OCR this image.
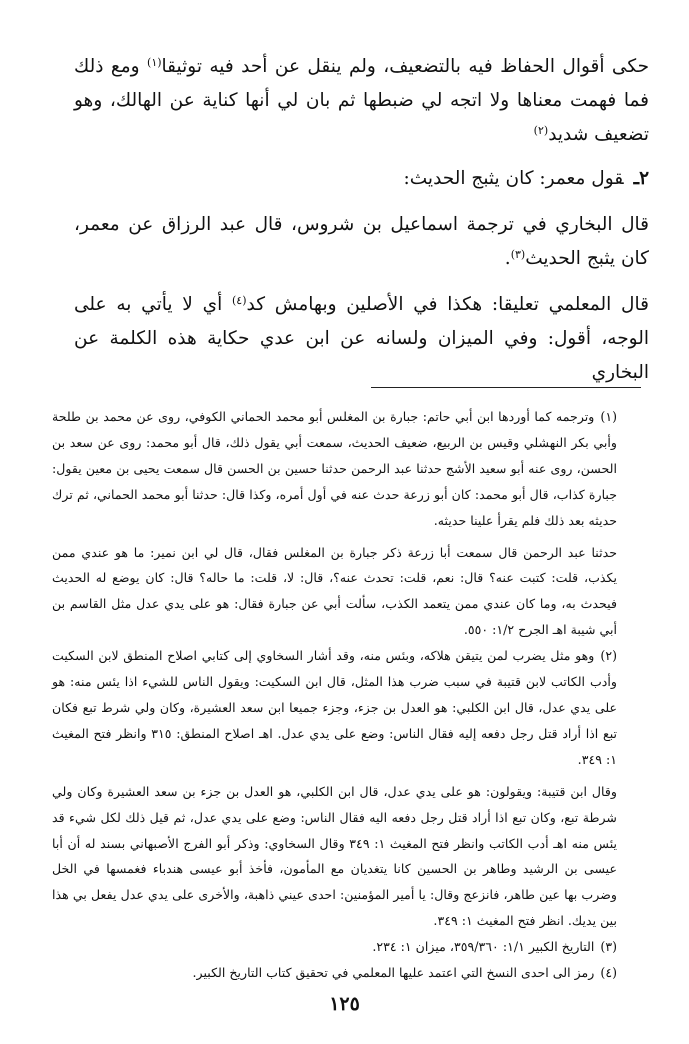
حكى أقوال الحفاظ فيه بالتضعيف، ولم ينقل عن أحد فيه توثيقا$^{(١)}$ ومع ذلك فما فهمت معناها ولا اتجه لي ضبطها ثم بان لي أنها كناية عن الهالك، وهو تضعيف شديد$^{(٢)}$

٢ـقول معمر: كان يثبج الحديث:

قال البخاري في ترجمة اسماعيل بن شروس، قال عبد الرزاق عن معمر، كان يثبج الحديث$^{(٣)}$.

قال المعلمي تعليقا: هكذا في الأصلين وبهامش كد$^{(٤)}$ أي لا يأتي به على الوجه، أقول: وفي الميزان ولسانه عن ابن عدي حكاية هذه الكلمة عن البخاري

(١)وترجمه كما أوردها ابن أبي حاتم: جبارة بن المغلس أبو محمد الحماني الكوفي، روى عن محمد بن طلحة وأبي بكر النهشلي وقيس بن الربيع، ضعيف الحديث، سمعت أبي يقول ذلك، قال أبو محمد: روى عن سعد بن الحسن، روى عنه أبو سعيد الأشج حدثنا عبد الرحمن حدثنا حسين بن الحسن قال سمعت يحيى بن معين يقول: جبارة كذاب، قال أبو محمد: كان أبو زرعة حدث عنه في أول أمره، وكذا قال: حدثنا أبو محمد الحماني، ثم ترك حديثه بعد ذلك فلم يقرأ علينا حديثه.
حدثنا عبد الرحمن قال سمعت أبا زرعة ذكر جبارة بن المغلس فقال، قال لي ابن نمير: ما هو عندي ممن يكذب، قلت: كتبت عنه؟ قال: نعم، قلت: تحدث عنه؟، قال: لا، قلت: ما حاله؟ قال: كان يوضع له الحديث فيحدث به، وما كان عندي ممن يتعمد الكذب، سألت أبي عن جبارة فقال: هو على يدي عدل مثل القاسم بن أبي شيبة اهـ الجرح ١/٢: ٥٥٠.
(٢)وهو مثل يضرب لمن يتيقن هلاكه، وبئس منه، وقد أشار السخاوي إلى كتابي اصلاح المنطق لابن السكيت وأدب الكاتب لابن قتيبة في سبب ضرب هذا المثل، قال ابن السكيت: ويقول الناس للشيء اذا يئس منه: هو على يدي عدل، قال ابن الكلبي: هو العدل بن جزء، وجزء جميعا ابن سعد العشيرة، وكان ولي شرط تبع فكان تبع اذا أراد قتل رجل دفعه إليه فقال الناس: وضع على يدي عدل. اهـ اصلاح المنطق: ٣١٥ وانظر فتح المغيث ١: ٣٤٩.
وقال ابن قتيبة: ويقولون: هو على يدي عدل، قال ابن الكلبي، هو العدل بن جزء بن سعد العشيرة وكان ولي شرطة تبع، وكان تبع اذا أراد قتل رجل دفعه اليه فقال الناس: وضع على يدي عدل، ثم قيل ذلك لكل شيء قد يئس منه اهـ أدب الكاتب وانظر فتح المغيث ١: ٣٤٩ وقال السخاوي: وذكر أبو الفرج الأصبهاني بسند له أن أبا عيسى بن الرشيد وطاهر بن الحسين كانا يتغديان مع المأمون، فأخذ أبو عيسى هندباء فغمسها في الخل وضرب بها عين طاهر، فانزعج وقال: يا أمير المؤمنين: احدى عيني ذاهبة، والأخرى على يدي عدل يفعل بي هذا بين يديك. انظر فتح المغيث ١: ٣٤٩.
(٣)التاريخ الكبير ١/١: ٣٥٩/٣٦٠، ميزان ١: ٢٣٤.
(٤)رمز الى احدى النسخ التي اعتمد عليها المعلمي في تحقيق كتاب التاريخ الكبير.
١٢٥
